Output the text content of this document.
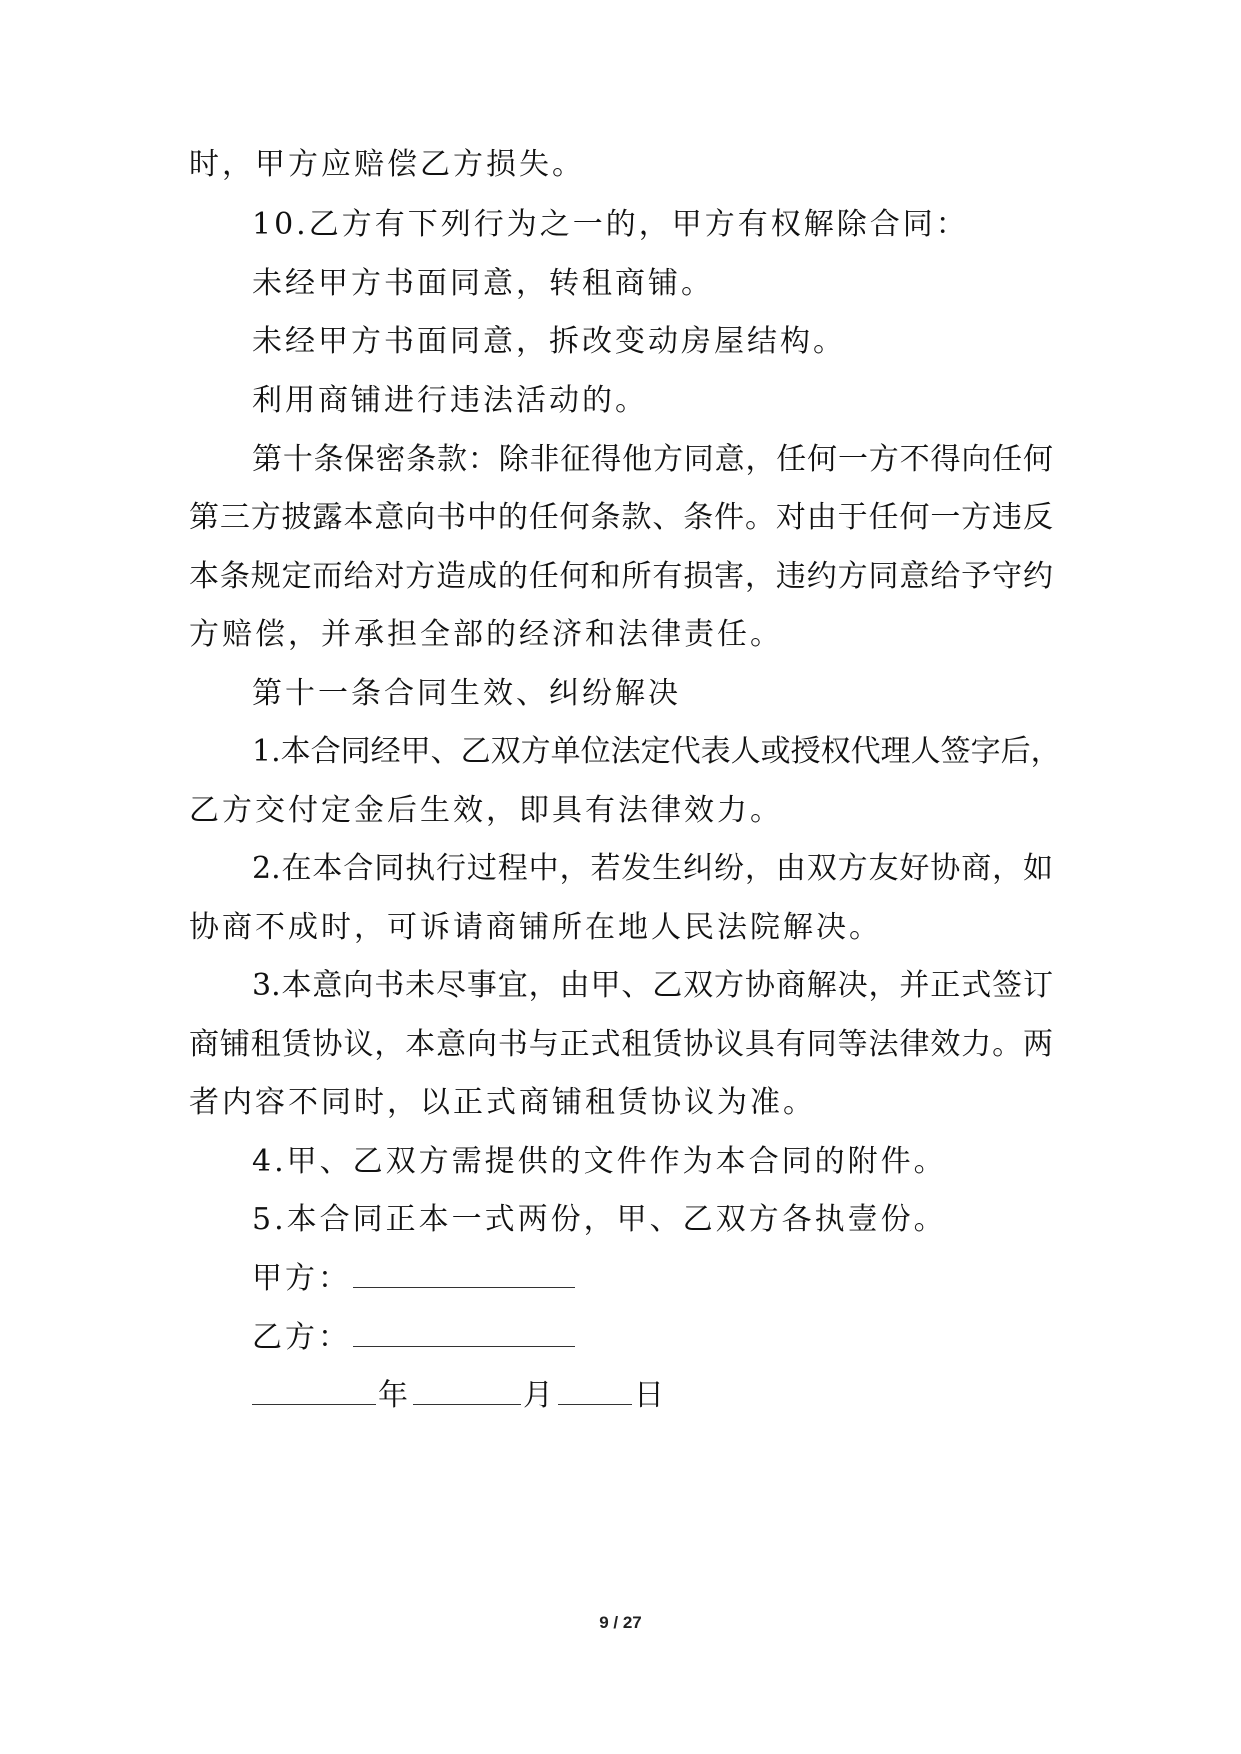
时，甲方应赔偿乙方损失。
10.乙方有下列行为之一的，甲方有权解除合同：
未经甲方书面同意，转租商铺。
未经甲方书面同意，拆改变动房屋结构。
利用商铺进行违法活动的。
第十条保密条款：除非征得他方同意，任何一方不得向任何
第三方披露本意向书中的任何条款、条件。对由于任何一方违反
本条规定而给对方造成的任何和所有损害，违约方同意给予守约
方赔偿，并承担全部的经济和法律责任。
第十一条合同生效、纠纷解决
1.本合同经甲、乙双方单位法定代表人或授权代理人签字后，
乙方交付定金后生效，即具有法律效力。
2.在本合同执行过程中，若发生纠纷，由双方友好协商，如
协商不成时，可诉请商铺所在地人民法院解决。
3.本意向书未尽事宜，由甲、乙双方协商解决，并正式签订
商铺租赁协议，本意向书与正式租赁协议具有同等法律效力。两
者内容不同时，以正式商铺租赁协议为准。
4.甲、乙双方需提供的文件作为本合同的附件。
5.本合同正本一式两份，甲、乙双方各执壹份。
甲方：
乙方：
年	月	日
9 / 27
